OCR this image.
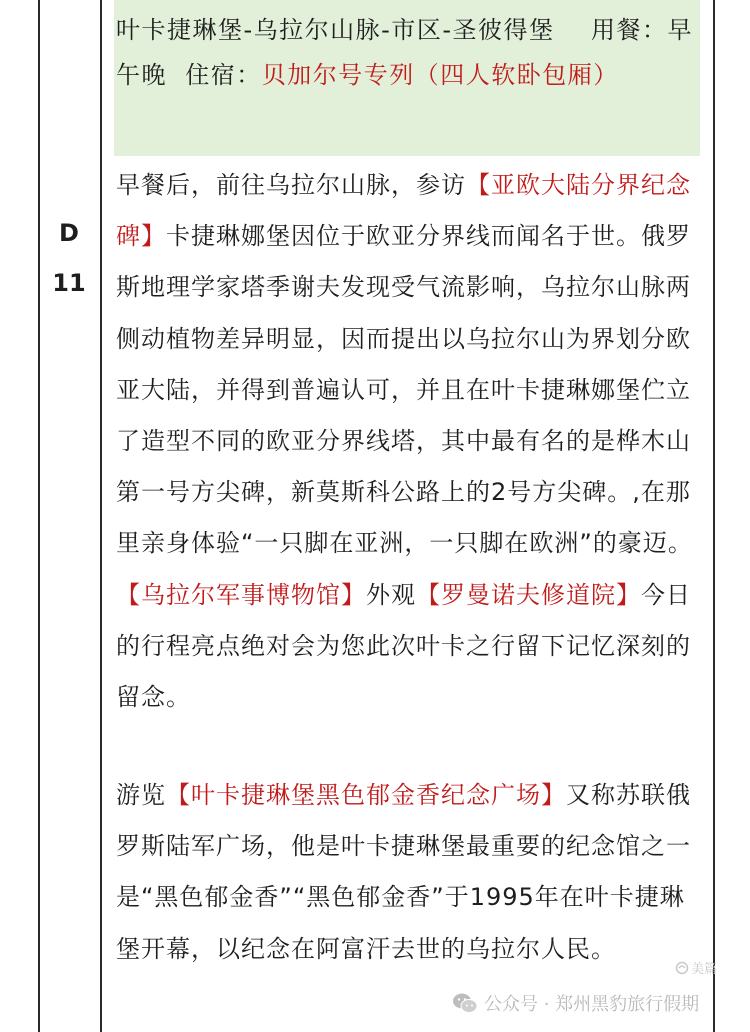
D
11
叶卡捷琳堡-乌拉尔山脉-市区-圣彼得堡 用餐：早午晚 住宿：贝加尔号专列（四人软卧包厢）
早餐后，前往乌拉尔山脉，参访【亚欧大陆分界纪念碑】卡捷琳娜堡因位于欧亚分界线而闻名于世。俄罗斯地理学家塔季谢夫发现受气流影响，乌拉尔山脉两侧动植物差异明显，因而提出以乌拉尔山为界划分欧亚大陆，并得到普遍认可，并且在叶卡捷琳娜堡伫立了造型不同的欧亚分界线塔，其中最有名的是桦木山第一号方尖碑，新莫斯科公路上的2号方尖碑。,在那里亲身体验“一只脚在亚洲，一只脚在欧洲”的豪迈。【乌拉尔军事博物馆】外观【罗曼诺夫修道院】今日的行程亮点绝对会为您此次叶卡之行留下记忆深刻的留念。
游览【叶卡捷琳堡黑色郁金香纪念广场】又称苏联俄罗斯陆军广场，他是叶卡捷琳堡最重要的纪念馆之一是“黑色郁金香”“黑色郁金香”于1995年在叶卡捷琳堡开幕，以纪念在阿富汗去世的乌拉尔人民。
美篇
公众号 · 郑州黑豹旅行假期
